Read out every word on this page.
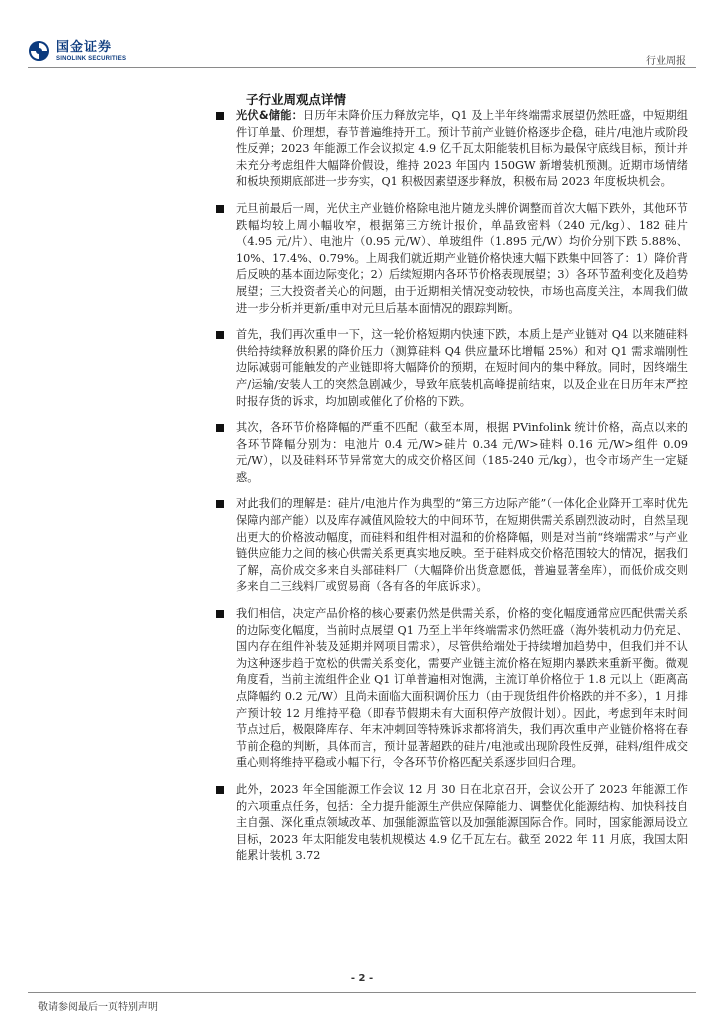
国金证券
SINOLINK SECURITIES	行业周报
子行业周观点详情
光伏&储能：日历年末降价压力释放完毕，Q1 及上半年终端需求展望仍然旺盛，中短期组件订单量、价理想，春节普遍维持开工。预计节前产业链价格逐步企稳，硅片/电池片或阶段性反弹；2023 年能源工作会议拟定 4.9 亿千瓦太阳能装机目标为最保守底线目标，预计并未充分考虑组件大幅降价假设，维持 2023 年国内 150GW 新增装机预测。近期市场情绪和板块预期底部进一步夯实，Q1 积极因素望逐步释放，积极布局 2023 年度板块机会。
元旦前最后一周，光伏主产业链价格除电池片随龙头牌价调整而首次大幅下跌外，其他环节跌幅均较上周小幅收窄，根据第三方统计报价，单晶致密料（240 元/kg）、182 硅片（4.95 元/片）、电池片（0.95 元/W）、单玻组件（1.895 元/W）均价分别下跌 5.88%、10%、17.4%、0.79%。上周我们就近期产业链价格快速大幅下跌集中回答了：1）降价背后反映的基本面边际变化；2）后续短期内各环节价格表现展望；3）各环节盈利变化及趋势展望；三大投资者关心的问题，由于近期相关情况变动较快，市场也高度关注，本周我们做进一步分析并更新/重申对元旦后基本面情况的跟踪判断。
首先，我们再次重申一下，这一轮价格短期内快速下跌，本质上是产业链对 Q4 以来随硅料供给持续释放积累的降价压力（测算硅料 Q4 供应量环比增幅 25%）和对 Q1 需求端刚性边际减弱可能触发的产业链即将大幅降价的预期，在短时间内的集中释放。同时，因终端生产/运输/安装人工的突然急剧减少，导致年底装机高峰提前结束，以及企业在日历年末严控时报存货的诉求，均加剧或催化了价格的下跌。
其次，各环节价格降幅的严重不匹配（截至本周，根据 PVinfolink 统计价格，高点以来的各环节降幅分别为：电池片 0.4 元/W>硅片 0.34 元/W>硅料 0.16 元/W>组件 0.09 元/W），以及硅料环节异常宽大的成交价格区间（185-240 元/kg），也令市场产生一定疑惑。
对此我们的理解是：硅片/电池片作为典型的“第三方边际产能”（一体化企业降开工率时优先保障内部产能）以及库存减值风险较大的中间环节，在短期供需关系剧烈波动时，自然呈现出更大的价格波动幅度，而硅料和组件相对温和的价格降幅，则是对当前“终端需求”与产业链供应能力之间的核心供需关系更真实地反映。至于硅料成交价格范围较大的情况，据我们了解，高价成交多来自头部硅料厂（大幅降价出货意愿低，普遍显著垒库），而低价成交则多来自二三线料厂或贸易商（各有各的年底诉求）。
我们相信，决定产品价格的核心要素仍然是供需关系，价格的变化幅度通常应匹配供需关系的边际变化幅度，当前时点展望 Q1 乃至上半年终端需求仍然旺盛（海外装机动力仍充足、国内存在组件补装及延期并网项目需求），尽管供给端处于持续增加趋势中，但我们并不认为这种逐步趋于宽松的供需关系变化，需要产业链主流价格在短期内暴跌来重新平衡。微观角度看，当前主流组件企业 Q1 订单普遍相对饱满，主流订单价格位于 1.8 元以上（距离高点降幅约 0.2 元/W）且尚未面临大面积调价压力（由于现货组件价格跌的并不多），1 月排产预计较 12 月维持平稳（即春节假期未有大面积停产放假计划）。因此，考虑到年末时间节点过后，极限降库存、年末冲刺回等特殊诉求都将消失，我们再次重申产业链价格将在春节前企稳的判断，具体而言，预计显著超跌的硅片/电池或出现阶段性反弹，硅料/组件成交重心则将维持平稳或小幅下行，令各环节价格匹配关系逐步回归合理。
此外，2023 年全国能源工作会议 12 月 30 日在北京召开，会议公开了 2023 年能源工作的六项重点任务，包括：全力提升能源生产供应保障能力、调整优化能源结构、加快科技自主自强、深化重点领域改革、加强能源监管以及加强能源国际合作。同时，国家能源局设立目标，2023 年太阳能发电装机规模达 4.9 亿千瓦左右。截至 2022 年 11 月底，我国太阳能累计装机 3.72
- 2 -
敬请参阅最后一页特别声明
